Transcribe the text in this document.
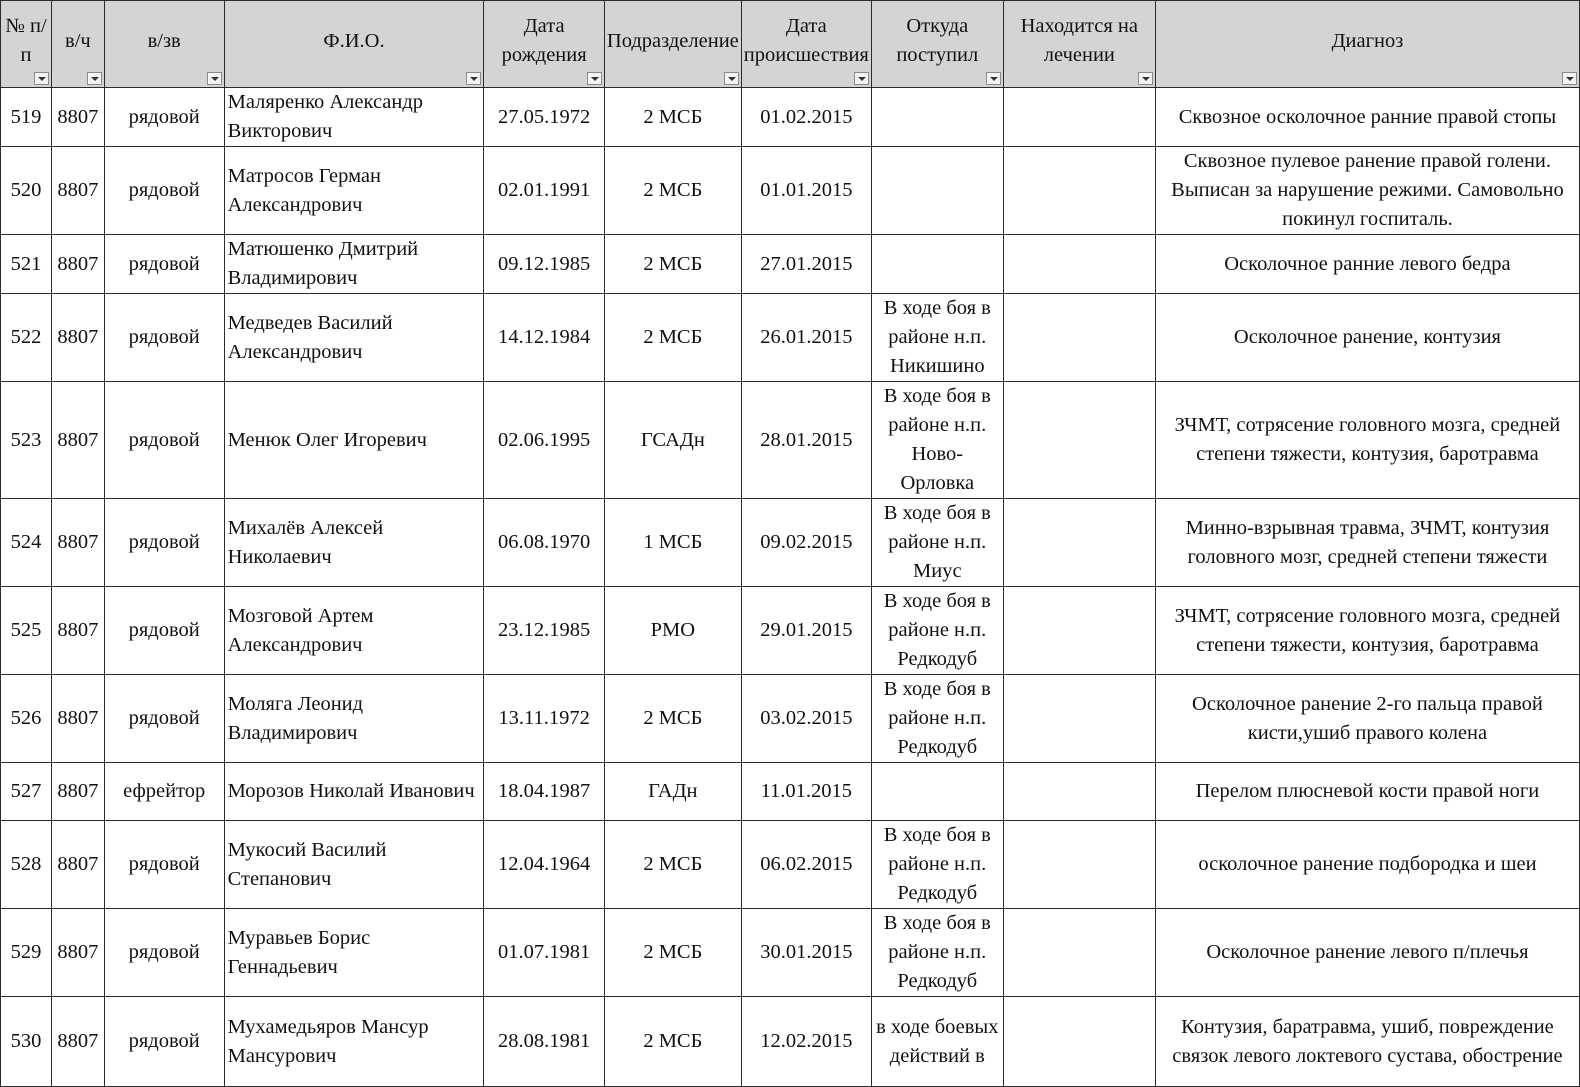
№ п/п	в/ч	в/зв	Ф.И.О.	Дата рождения	Подразделение	Дата происшествия	Откуда поступил	Находится на лечении	Диагноз

519	8807	рядовой	Маляренко Александр Викторович	27.05.1972	2 МСБ	01.02.2015			Сквозное осколочное ранние правой стопы
520	8807	рядовой	Матросов Герман Александрович	02.01.1991	2 МСБ	01.01.2015			Сквозное пулевое ранение правой голени. Выписан за нарушение режими. Самовольно покинул госпиталь.
521	8807	рядовой	Матюшенко Дмитрий Владимирович	09.12.1985	2 МСБ	27.01.2015			Осколочное ранние левого бедра
522	8807	рядовой	Медведев Василий Александрович	14.12.1984	2 МСБ	26.01.2015	В ходе боя в районе н.п. Никишино		Осколочное ранение, контузия
523	8807	рядовой	Менюк Олег Игоревич	02.06.1995	ГСАДн	28.01.2015	В ходе боя в районе н.п. Ново-Орловка		ЗЧМТ, сотрясение головного мозга, средней степени тяжести, контузия, баротравма
524	8807	рядовой	Михалёв Алексей Николаевич	06.08.1970	1 МСБ	09.02.2015	В ходе боя в районе н.п. Миус		Минно-взрывная травма, ЗЧМТ, контузия головного мозг, средней степени тяжести
525	8807	рядовой	Мозговой Артем Александрович	23.12.1985	РМО	29.01.2015	В ходе боя в районе н.п. Редкодуб		ЗЧМТ, сотрясение головного мозга, средней степени тяжести, контузия, баротравма
526	8807	рядовой	Моляга Леонид Владимирович	13.11.1972	2 МСБ	03.02.2015	В ходе боя в районе н.п. Редкодуб		Осколочное ранение 2-го пальца правой кисти,ушиб правого колена
527	8807	ефрейтор	Морозов Николай Иванович	18.04.1987	ГАДн	11.01.2015			Перелом плюсневой кости правой ноги
528	8807	рядовой	Мукосий Василий Степанович	12.04.1964	2 МСБ	06.02.2015	В ходе боя в районе н.п. Редкодуб		осколочное ранение подбородка и шеи
529	8807	рядовой	Муравьев Борис Геннадьевич	01.07.1981	2 МСБ	30.01.2015	В ходе боя в районе н.п. Редкодуб		Осколочное ранение левого п/плечья
530	8807	рядовой	Мухамедьяров Мансур Мансурович	28.08.1981	2 МСБ	12.02.2015	в ходе боевых действий в		Контузия, баратравма, ушиб, повреждение связок левого локтевого сустава, обострение
